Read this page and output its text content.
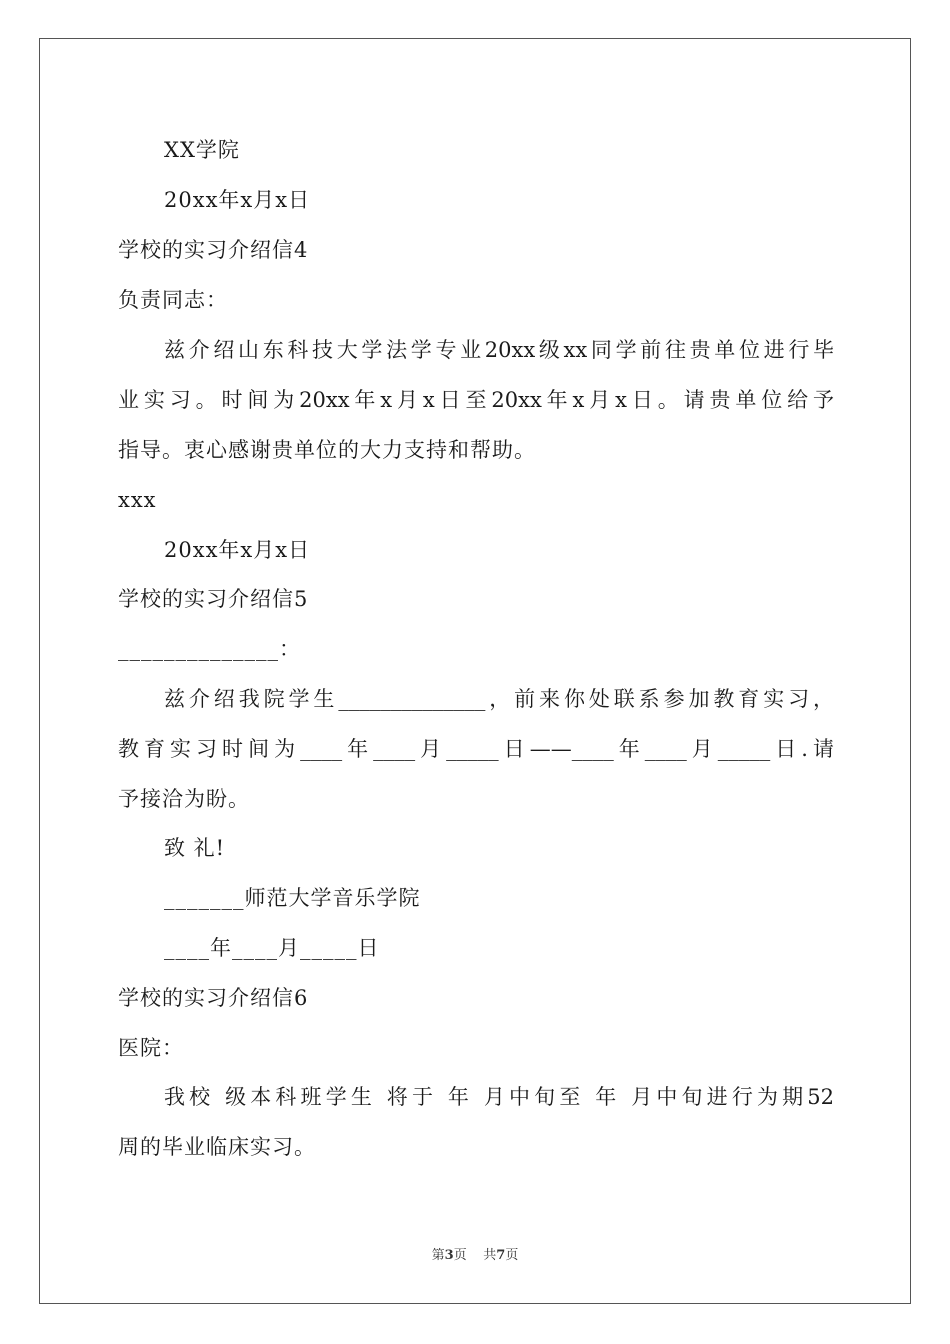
XX学院
20xx年x月x日
学校的实习介绍信4
负责同志：
兹介绍山东科技大学法学专业20xx级xx同学前往贵单位进行毕
业实习。时间为20xx年x月x日至20xx年x月x日。请贵单位给予
指导。衷心感谢贵单位的大力支持和帮助。
xxx
20xx年x月x日
学校的实习介绍信5
______________：
兹介绍我院学生______________，前来你处联系参加教育实习，
教育实习时间为____年____月_____日——____年____月_____日.请
予接洽为盼。
致 礼!
_______师范大学音乐学院
____年____月_____日
学校的实习介绍信6
医院：
我校 级本科班学生 将于 年 月中旬至 年 月中旬进行为期52
周的毕业临床实习。
第3页 共7页
